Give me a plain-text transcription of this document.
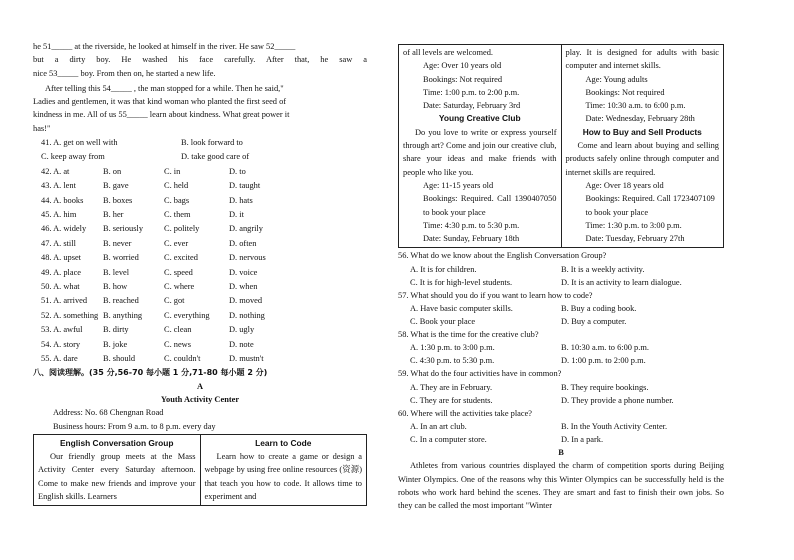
he 51_____ at the riverside, he looked at himself in the river. He saw 52_____

but a dirty boy. He washed his face carefully. After that, he saw a

nice 53_____ boy. From then on, he started a new life.

After telling this 54_____ , the man stopped for a while. Then he said,"

Ladies and gentlemen, it was that kind woman who planted the first seed of

kindness in me. All of us 55_____ learn about kindness. What great power it

has!"

41. A. get on well with	B. look forward to
C. keep away from	D. take good care of
42. A. at	B. on	C. in	D. to
43. A. lent	B. gave	C. held	D. taught
44. A. books B. boxes	C. bags	D. hats
45. A. him	B. her	C. them	D. it
46. A. widely B. seriously C. politely	D. angrily
47. A. still	B. never	C. ever	D. often
48. A. upset	B. worried	C. excited	D. nervous
49. A. place	B. level	C. speed	D. voice
50. A. what	B. how	C. where	D. when
51. A. arrived B. reached	C. got	D. moved
52. A. something B. anything	C. everything D. nothing
53. A. awful B. dirty	C. clean	D. ugly
54. A. story	B. joke	C. news	D. note
55. A. dare	B. should	C. couldn't	D. mustn't

八、阅读理解。(35 分,56-70 每小题 1 分,71-80 每小题 2 分)

A

Youth Activity Center

Address: No. 68 Chengnan Road

Business hours: From 9 a.m. to 8 p.m. every day

English Conversation Group
Our friendly group meets at the Mass Activity Center every Saturday afternoon. Come to make new friends and improve your English skills. Learners

Learn to Code
Learn how to create a game or design a webpage by using free online resources (资源) that teach you how to code. It allows time to experiment and
of all levels are welcomed.
Age: Over 10 years old
Bookings: Not required
Time: 1:00 p.m. to 2:00 p.m.
Date: Saturday, February 3rd
Young Creative Club
Do you love to write or express yourself through art? Come and join our creative club, share your ideas and make friends with people who like you.
Age: 11-15 years old
Bookings: Required. Call 1390407050 to book your place
Time: 4:30 p.m. to 5:30 p.m.
Date: Sunday, February 18th

play. It is designed for adults with basic computer and internet skills.
Age: Young adults
Bookings: Not required
Time: 10:30 a.m. to 6:00 p.m.
Date: Wednesday, February 28th
How to Buy and Sell Products
Come and learn about buying and selling products safely online through computer and internet skills are required.
Age: Over 18 years old
Bookings: Required. Call 1723407109 to book your place
Time: 1:30 p.m. to 3:00 p.m.
Date: Tuesday, February 27th
56. What do we know about the English Conversation Group?
A. It is for children.	B. It is a weekly activity.
C. It is for high-level students.	D. It is an activity to learn dialogue.
57. What should you do if you want to learn how to code?
A. Have basic computer skills.	B. Buy a coding book.
C. Book your place	D. Buy a computer.
58. What is the time for the creative club?
A. 1:30 p.m. to 3:00 p.m.	B. 10:30 a.m. to 6:00 p.m.
C. 4:30 p.m. to 5:30 p.m.	D. 1:00 p.m. to 2:00 p.m.
59. What do the four activities have in common?
A. They are in February.	B. They require bookings.
C. They are for students.	D. They provide a phone number.
60. Where will the activities take place?
A. In an art club.	B. In the Youth Activity Center.
C. In a computer store.	D. In a park.

B

Athletes from various countries displayed the charm of competition sports during Beijing Winter Olympics. One of the reasons why this Winter Olympics can be successfully held is the robots who work hard behind the scenes. They are smart and fast to finish their own jobs. So they can be called the most important "Winter
